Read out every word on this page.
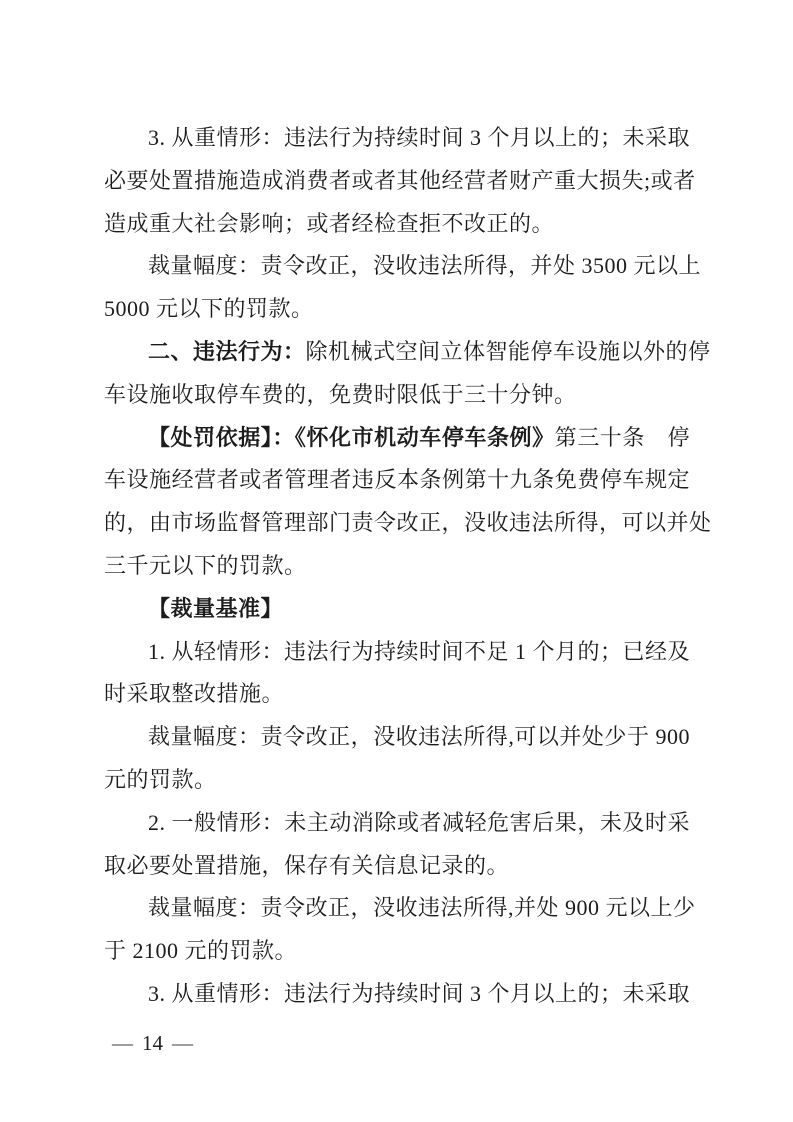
3. 从重情形：违法行为持续时间 3 个月以上的；未采取
必要处置措施造成消费者或者其他经营者财产重大损失;或者
造成重大社会影响；或者经检查拒不改正的。
裁量幅度：责令改正，没收违法所得，并处 3500 元以上
5000 元以下的罚款。
二、违法行为：除机械式空间立体智能停车设施以外的停
车设施收取停车费的，免费时限低于三十分钟。
【处罚依据】：《怀化市机动车停车条例》第三十条　停
车设施经营者或者管理者违反本条例第十九条免费停车规定
的，由市场监督管理部门责令改正，没收违法所得，可以并处
三千元以下的罚款。
【裁量基准】
1. 从轻情形：违法行为持续时间不足 1 个月的；已经及
时采取整改措施。
裁量幅度：责令改正，没收违法所得,可以并处少于 900
元的罚款。
2. 一般情形：未主动消除或者减轻危害后果，未及时采
取必要处置措施，保存有关信息记录的。
裁量幅度：责令改正，没收违法所得,并处 900 元以上少
于 2100 元的罚款。
3. 从重情形：违法行为持续时间 3 个月以上的；未采取
— 14 —
